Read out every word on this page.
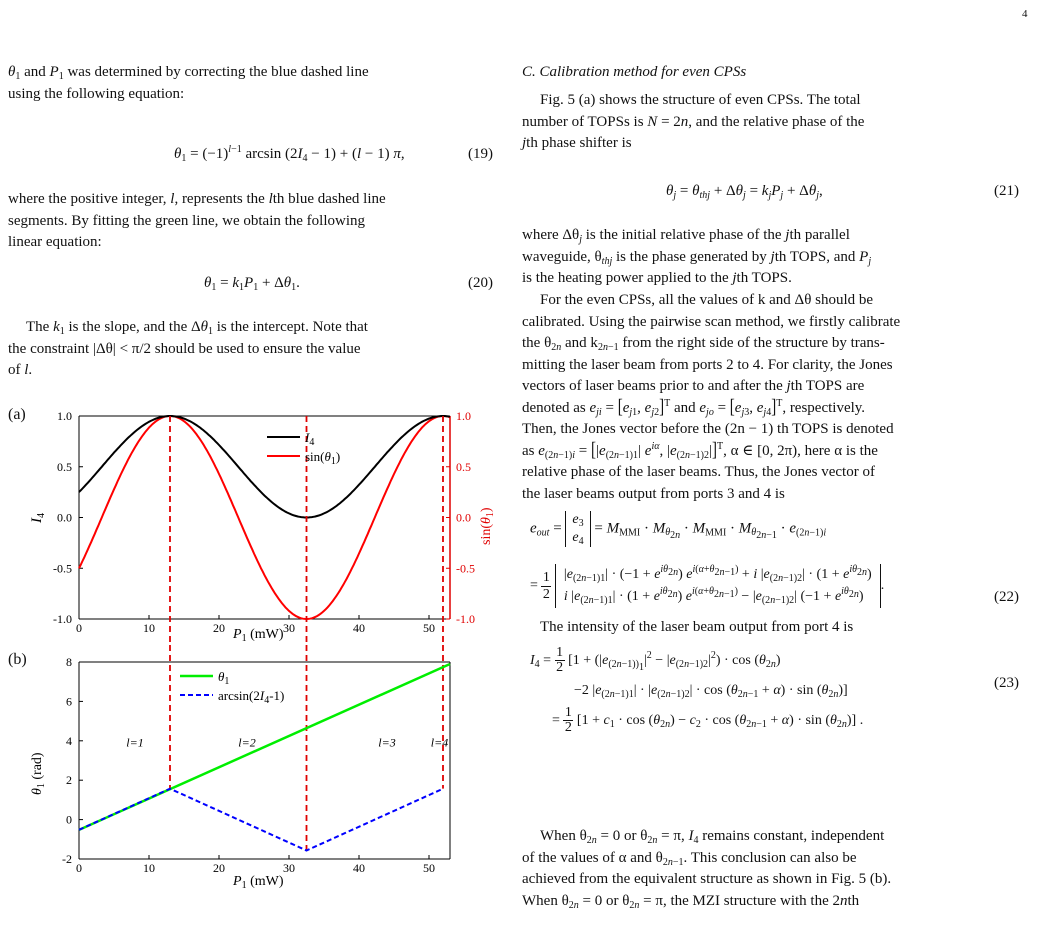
4
$\theta_1$ and $P_1$ was determined by correcting the blue dashed line
using the following equation:
$\theta_1 = (-1)^{l-1}$ $\arcsin (2I_4 - 1) + (l - 1)$ π,	(19)
where the positive integer, l, represents the lth blue dashed line
segments. By fitting the green line, we obtain the following
linear equation:
$\theta_1 = k_1P_1 + \Delta\theta_1$.	(20)
The $k_1$ is the slope, and the $\Delta\theta_1$ is the intercept. Note that
the constraint |Δθ| < π/2 should be used to ensure the value
of l.
(a)
0	10	20	30	40	50
-1.0	-1.0
-0.5	-0.5
0.0	0.0
0.5	0.5
1.0	1.0
$P_1$ (mW)
$I_4$
$\sin(\theta_1)$
$I_4$
$\sin(\theta_1)$
(b)
0	10	20	30	40	50
-2
0
2
4
6
8
$P_1$ (mW)
$\theta_1$ (rad)
l=1	l=2	l=3	l=4
$\theta_1$
$\arcsin(2I_4-1)$
C. Calibration method for even CPSs
Fig. 5 (a) shows the structure of even CPSs. The total
number of TOPSs is N = 2n, and the relative phase of the
jth phase shifter is
$\theta_j = \theta_{thj} + \Delta\theta_j = k_jP_j + \Delta\theta_j$,	(21)
where $\Delta\theta_j$ is the initial relative phase of the jth parallel
waveguide, $\theta_{thj}$ is the phase generated by jth TOPS, and $P_j$
is the heating power applied to the jth TOPS.
For the even CPSs, all the values of k and Δθ should be
calibrated. Using the pairwise scan method, we firstly calibrate
the $\theta_{2n}$ and $k_{2n-1}$ from the right side of the structure by trans-
mitting the laser beam from ports 2 to 4. For clarity, the Jones
vectors of laser beams prior to and after the jth TOPS are
denoted as $e_{ji} = [e_{j1}$, $e_{j2}]^T$ and $e_{jo} = [e_{j3}$, $e_{j4}]^T$, respectively.
Then, the Jones vector before the (2n − 1) th TOPS is denoted
as $e_{(2n-1)i} = [|e_{(2n-1)1}|$ $e^{i\alpha}$, $|e_{(2n-1)2}|]^T$, α ∈ [0, 2π), here α is the
relative phase of the laser beams. Thus, the Jones vector of
the laser beams output from ports 3 and 4 is
$e_{out} = e_3$
$e_4 = M_{MMI} \cdot M_{\theta_{2n}} \cdot M_{MMI} \cdot M_{\theta_{2n-1}} \cdot e_{(2n-1)i}$
= 1
2 $|e_{(2n-1)1}| \cdot (-1 + e^{i\theta_{2n}}) e^{i(\alpha+\theta_{2n-1})} + i$ $|e_{(2n-1)2}| \cdot (1 + e^{i\theta_{2n}})$
i $|e_{(2n-1)1}| \cdot (1 + e^{i\theta_{2n}}) e^{i(\alpha+\theta_{2n-1})} - |e_{(2n-1)2}|$ $(-1 + e^{i\theta_{2n}})$.
(22)
The intensity of the laser beam output from port 4 is
$I_4 = 1$
2 [$1 + (|e_{(2n-1))_1}|^2 - |e_{(2n-1)2}|^2) \cdot \cos (\theta_{2n})$
−2 $|e_{(2n-1)1}| \cdot |e_{(2n-1)2}| \cdot \cos (\theta_{2n-1} + \alpha) \cdot \sin (\theta_{2n})$]
= 1
2 $[1 + c_1 \cdot \cos (\theta_{2n}) - c_2 \cdot \cos (\theta_{2n-1} + \alpha) \cdot \sin (\theta_{2n})]$ .
(23)
When $\theta_{2n} = 0$ or $\theta_{2n} = \pi$, $I_4$ remains constant, independent
of the values of α and $\theta_{2n-1}$. This conclusion can also be
achieved from the equivalent structure as shown in Fig. 5 (b).
When $\theta_{2n} = 0$ or $\theta_{2n} = \pi$, the MZI structure with the 2nth
